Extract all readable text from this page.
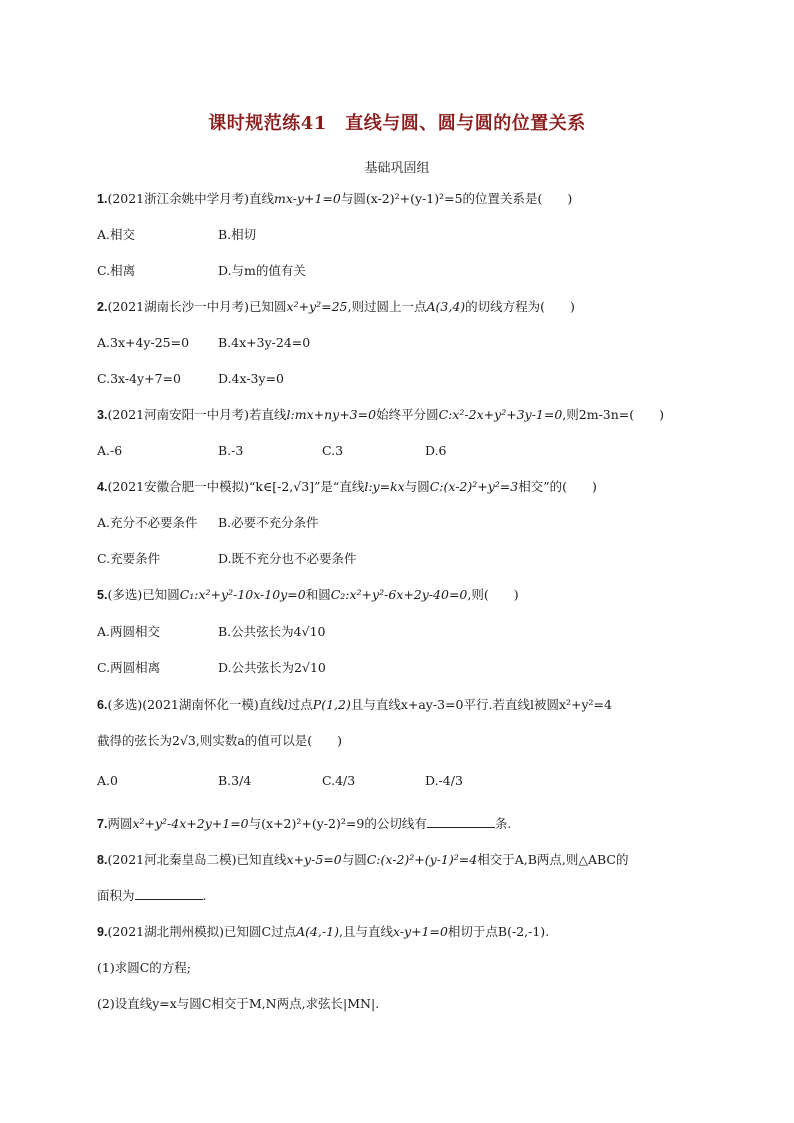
课时规范练41　直线与圆、圆与圆的位置关系
基础巩固组
1.(2021浙江余姚中学月考)直线mx-y+1=0与圆(x-2)²+(y-1)²=5的位置关系是(　　)
A.相交	B.相切
C.相离	D.与m的值有关
2.(2021湖南长沙一中月考)已知圆x²+y²=25,则过圆上一点A(3,4)的切线方程为(　　)
A.3x+4y-25=0 B.4x+3y-24=0
C.3x-4y+7=0	D.4x-3y=0
3.(2021河南安阳一中月考)若直线l:mx+ny+3=0始终平分圆C:x²-2x+y²+3y-1=0,则2m-3n=(　　)
A.-6	B.-3	C.3	D.6
4.(2021安徽合肥一中模拟)“k∈[-2,√3]”是“直线l:y=kx与圆C:(x-2)²+y²=3相交”的(　　)
A.充分不必要条件 B.必要不充分条件
C.充要条件	D.既不充分也不必要条件
5.(多选)已知圆C₁:x²+y²-10x-10y=0和圆C₂:x²+y²-6x+2y-40=0,则(　　)
A.两圆相交	B.公共弦长为4√10
C.两圆相离	D.公共弦长为2√10
6.(多选)(2021湖南怀化一模)直线l过点P(1,2)且与直线x+ay-3=0平行.若直线l被圆x²+y²=4
截得的弦长为2√3,则实数a的值可以是(　　)
A.0	B.3/4	C.4/3	D.-4/3
7.两圆x²+y²-4x+2y+1=0与(x+2)²+(y-2)²=9的公切线有	条.
8.(2021河北秦皇岛二模)已知直线x+y-5=0与圆C:(x-2)²+(y-1)²=4相交于A,B两点,则△ABC的
面积为	.
9.(2021湖北荆州模拟)已知圆C过点A(4,-1),且与直线x-y+1=0相切于点B(-2,-1).
(1)求圆C的方程;
(2)设直线y=x与圆C相交于M,N两点,求弦长|MN|.
